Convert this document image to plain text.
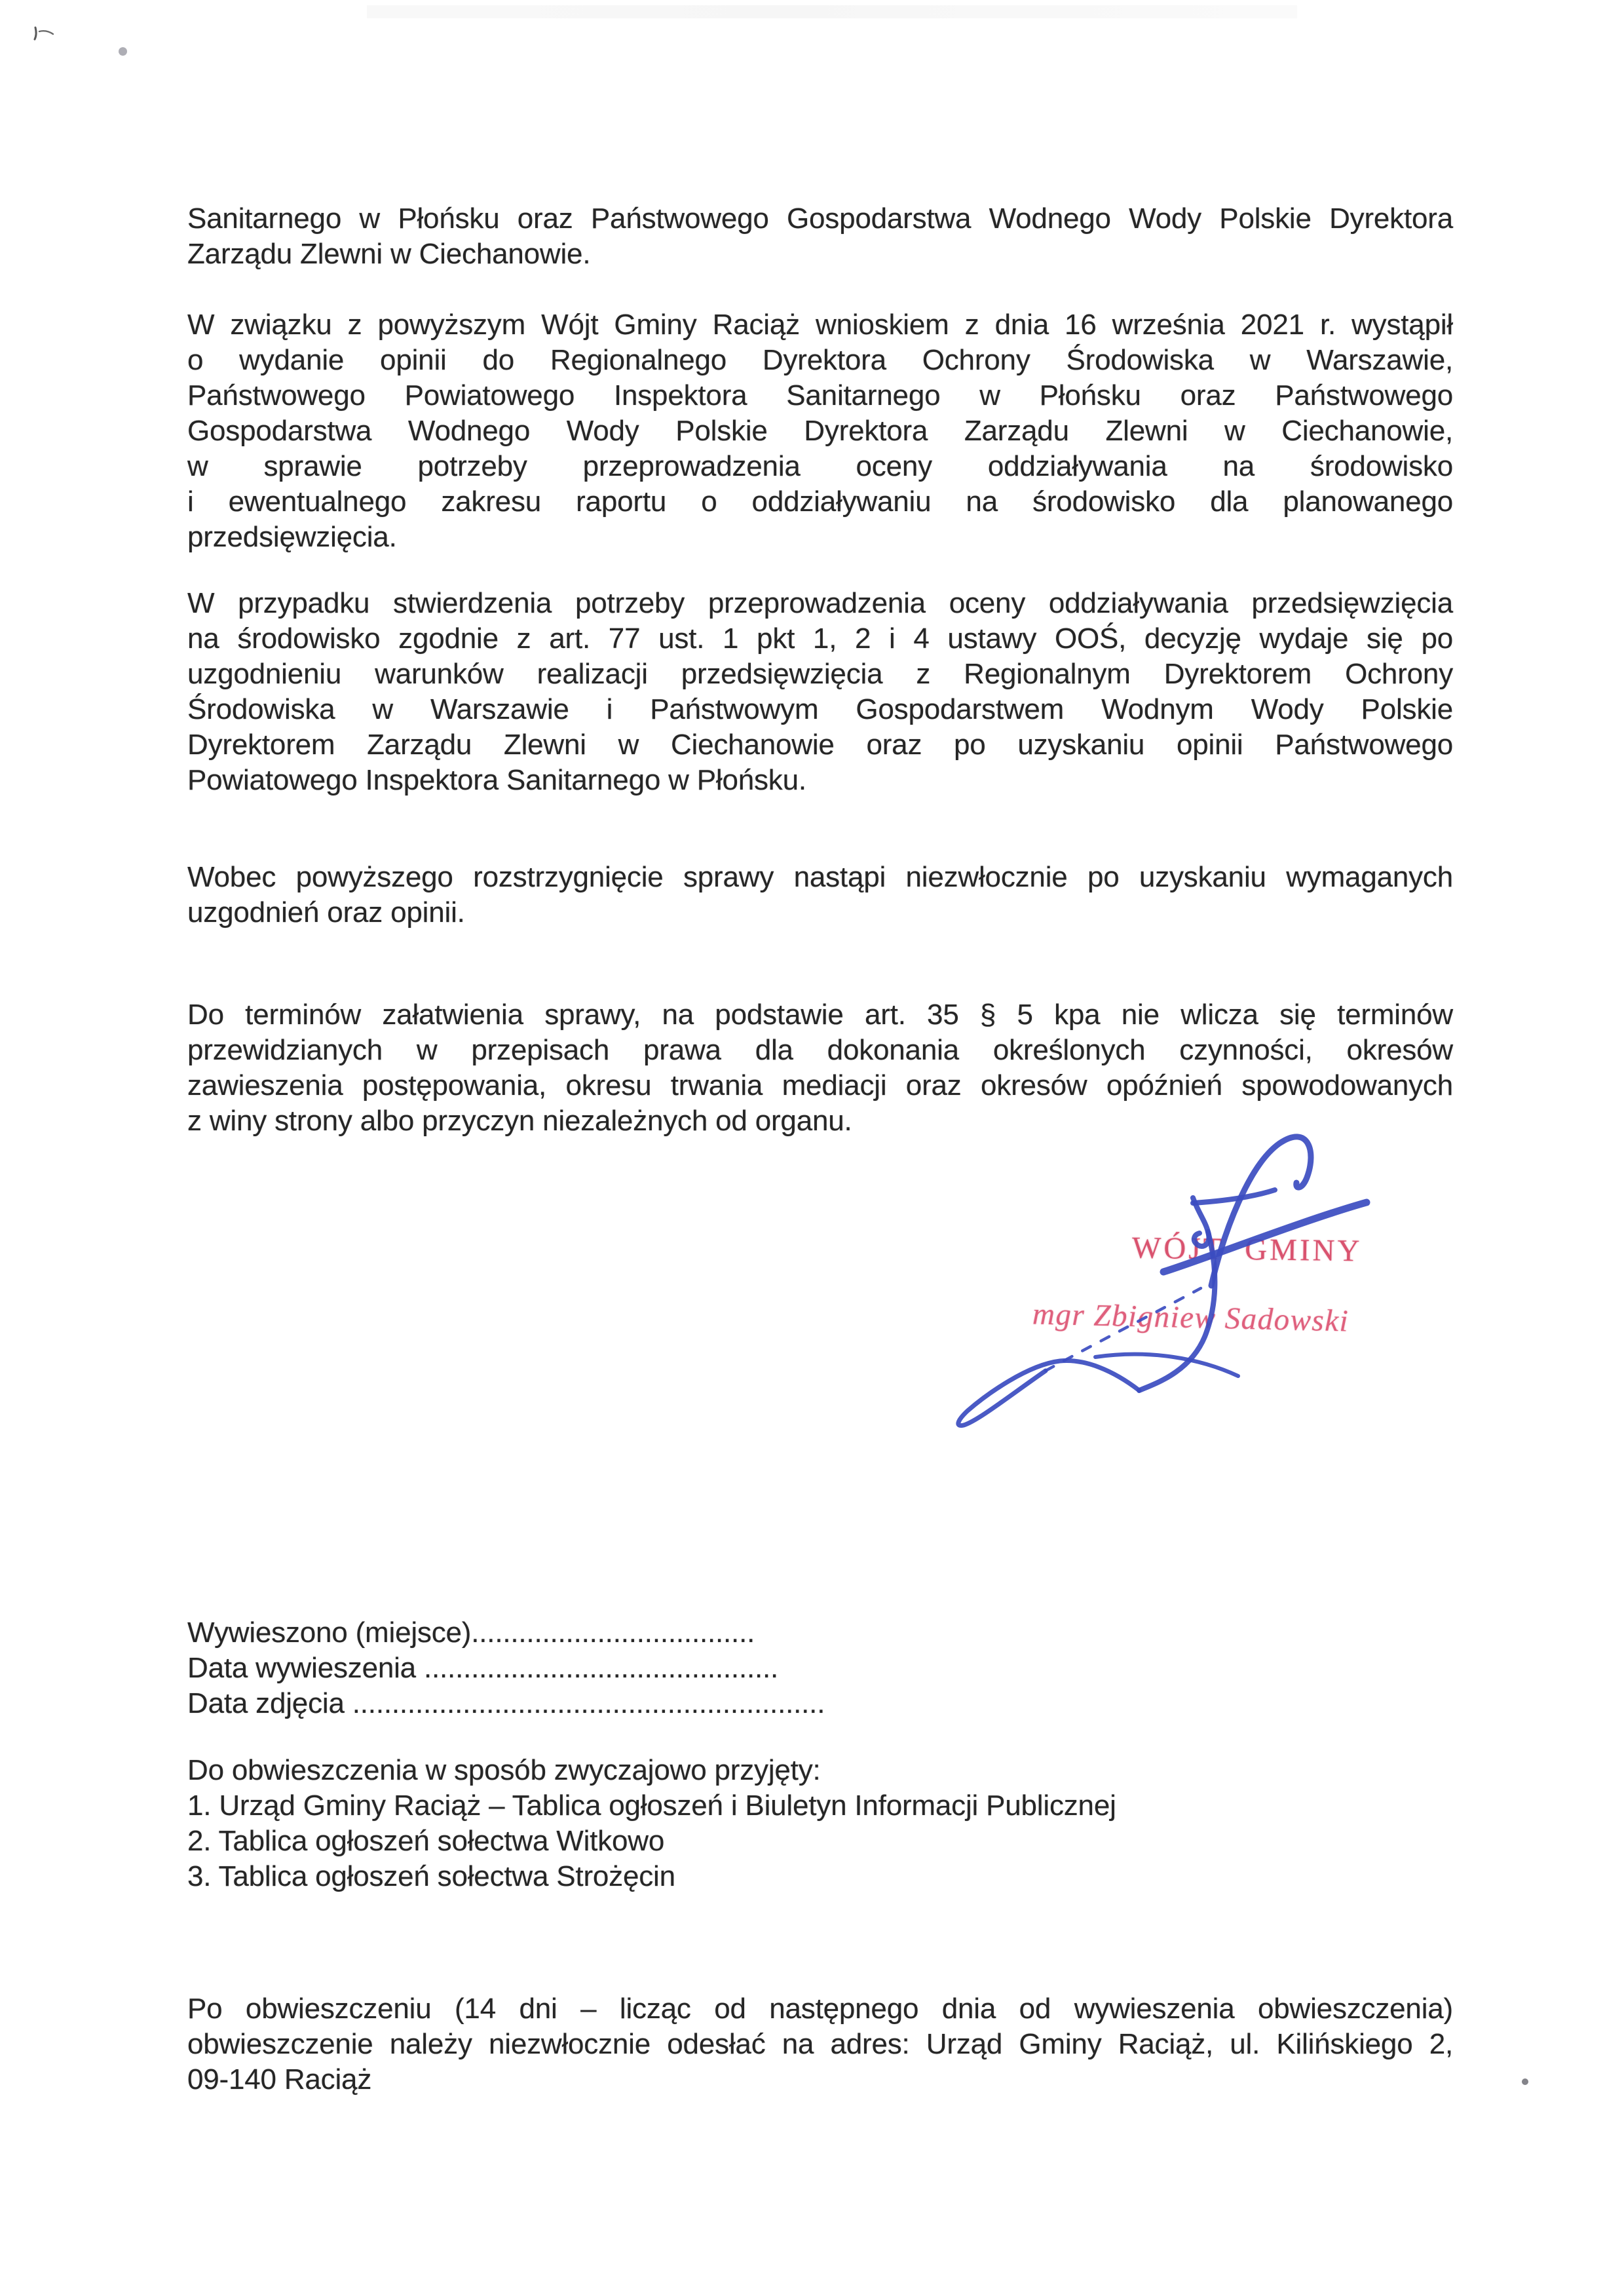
Sanitarnego w Płońsku oraz Państwowego Gospodarstwa Wodnego Wody Polskie Dyrektora
Zarządu Zlewni w Ciechanowie.
W związku z powyższym Wójt Gminy Raciąż wnioskiem z dnia 16 września 2021 r. wystąpił
o wydanie opinii do Regionalnego Dyrektora Ochrony Środowiska w Warszawie,
Państwowego Powiatowego Inspektora Sanitarnego w Płońsku oraz Państwowego
Gospodarstwa Wodnego Wody Polskie Dyrektora Zarządu Zlewni w Ciechanowie,
w sprawie potrzeby przeprowadzenia oceny oddziaływania na środowisko
i ewentualnego zakresu raportu o oddziaływaniu na środowisko dla planowanego
przedsięwzięcia.
W przypadku stwierdzenia potrzeby przeprowadzenia oceny oddziaływania przedsięwzięcia
na środowisko zgodnie z art. 77 ust. 1 pkt 1, 2 i 4 ustawy OOŚ, decyzję wydaje się po
uzgodnieniu warunków realizacji przedsięwzięcia z Regionalnym Dyrektorem Ochrony
Środowiska w Warszawie i Państwowym Gospodarstwem Wodnym Wody Polskie
Dyrektorem Zarządu Zlewni w Ciechanowie oraz po uzyskaniu opinii Państwowego
Powiatowego Inspektora Sanitarnego w Płońsku.
Wobec powyższego rozstrzygnięcie sprawy nastąpi niezwłocznie po uzyskaniu wymaganych
uzgodnień oraz opinii.
Do terminów załatwienia sprawy, na podstawie art. 35 § 5 kpa nie wlicza się terminów
przewidzianych w przepisach prawa dla dokonania określonych czynności, okresów
zawieszenia postępowania, okresu trwania mediacji oraz okresów opóźnień spowodowanych
z winy strony albo przyczyn niezależnych od organu.
WÓJT GMINY
mgr Zbigniew Sadowski
Wywieszono (miejsce)....................................
Data wywieszenia .............................................
Data zdjęcia ............................................................
Do obwieszczenia w sposób zwyczajowo przyjęty:
1. Urząd Gminy Raciąż – Tablica ogłoszeń i Biuletyn Informacji Publicznej
2. Tablica ogłoszeń sołectwa Witkowo
3. Tablica ogłoszeń sołectwa Strożęcin
Po obwieszczeniu (14 dni – licząc od następnego dnia od wywieszenia obwieszczenia)
obwieszczenie należy niezwłocznie odesłać na adres: Urząd Gminy Raciąż, ul. Kilińskiego 2,
09-140 Raciąż
